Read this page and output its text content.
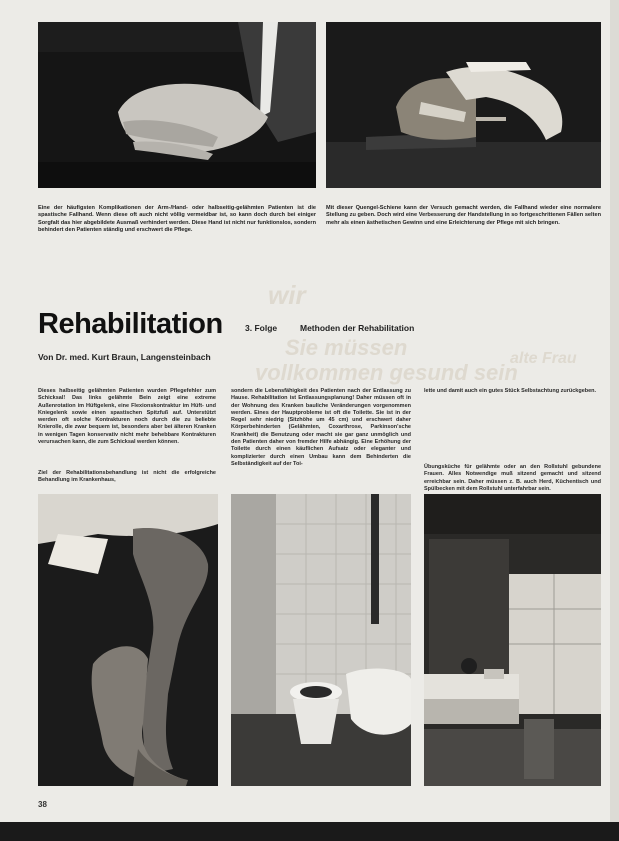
Eine der häufigsten Komplikationen der Arm-/Hand- oder halbseitig-gelähmten Patienten ist die spastische Fallhand. Wenn diese oft auch nicht völlig vermeidbar ist, so kann doch durch bei einiger Sorgfalt das hier abgebildete Ausmaß verhindert werden. Diese Hand ist nicht nur funktionslos, sondern behindert den Patienten ständig und erschwert die Pflege.
Mit dieser Quengel-Schiene kann der Versuch gemacht werden, die Fallhand wieder eine normalere Stellung zu geben. Doch wird eine Verbesserung der Handstellung in so fortgeschrittenen Fällen selten mehr als einen ästhetischen Gewinn und eine Erleichterung der Pflege mit sich bringen.
wir
Sie müssen
vollkommen gesund sein
alte Frau
Rehabilitation	3. Folge	Methoden der Rehabilitation
Von Dr. med. Kurt Braun, Langensteinbach
Dieses halbseitig gelähmten Patienten wurden Pflegefehler zum Schicksal! Das links gelähmte Bein zeigt eine extreme Außenrotation im Hüftgelenk, eine Flexionskontraktur im Hüft- und Kniegelenk sowie einen spastischen Spitzfuß auf. Unterstützt werden oft solche Kontrakturen noch durch die zu beliebte Knierolle, die zwar bequem ist, besonders aber bei älteren Kranken in wenigen Tagen konservativ nicht mehr behebbare Kontrakturen verursachen kann, die zum Schicksal werden können.
Ziel der Rehabilitationsbehandlung ist nicht die erfolgreiche Behandlung im Krankenhaus,
sondern die Lebensfähigkeit des Patienten nach der Entlassung zu Hause. Rehabilitation ist Entlassungsplanung! Daher müssen oft in der Wohnung des Kranken bauliche Veränderungen vorgenommen werden. Eines der Hauptprobleme ist oft die Toilette. Sie ist in der Regel sehr niedrig (Sitzhöhe um 45 cm) und erschwert daher Körperbehinderten (Gelähmten, Coxarthrose, Parkinson'sche Krankheit) die Benutzung oder macht sie gar ganz unmöglich und den Patienten daher von fremder Hilfe abhängig. Eine Erhöhung der Toilette durch einen käuflichen Aufsatz oder eleganter und komplizierter durch einen Umbau kann dem Behinderten die Selbständigkeit auf der Toi-
lette und damit auch ein gutes Stück Selbstachtung zurückgeben.
Übungsküche für gelähmte oder an den Rollstuhl gebundene Frauen. Alles Notwendige muß sitzend gemacht und sitzend erreichbar sein. Daher müssen z. B. auch Herd, Küchentisch und Spülbecken mit dem Rollstuhl unterfahrbar sein.
38
